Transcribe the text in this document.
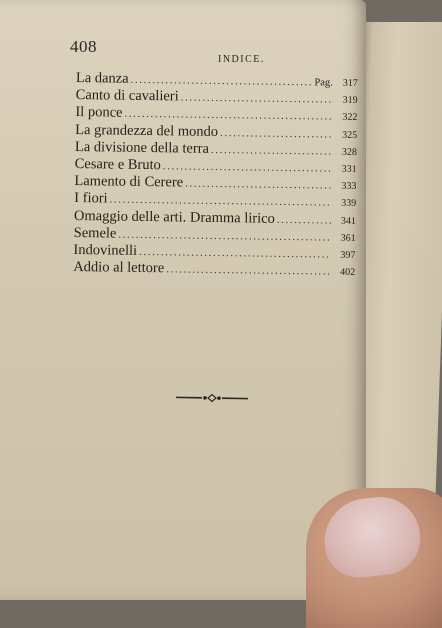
408
INDICE.
La danza .....	Pag. 317
Canto di cavalieri .....	319
Il ponce .....	322
La grandezza del mondo .....	325
La divisione della terra .....	328
Cesare e Bruto .....	331
Lamento di Cerere .....	333
I fiori .....	339
Omaggio delle arti. Dramma lirico .....	341
Semele .....	361
Indovinelli .....	397
Addio al lettore .....	402
